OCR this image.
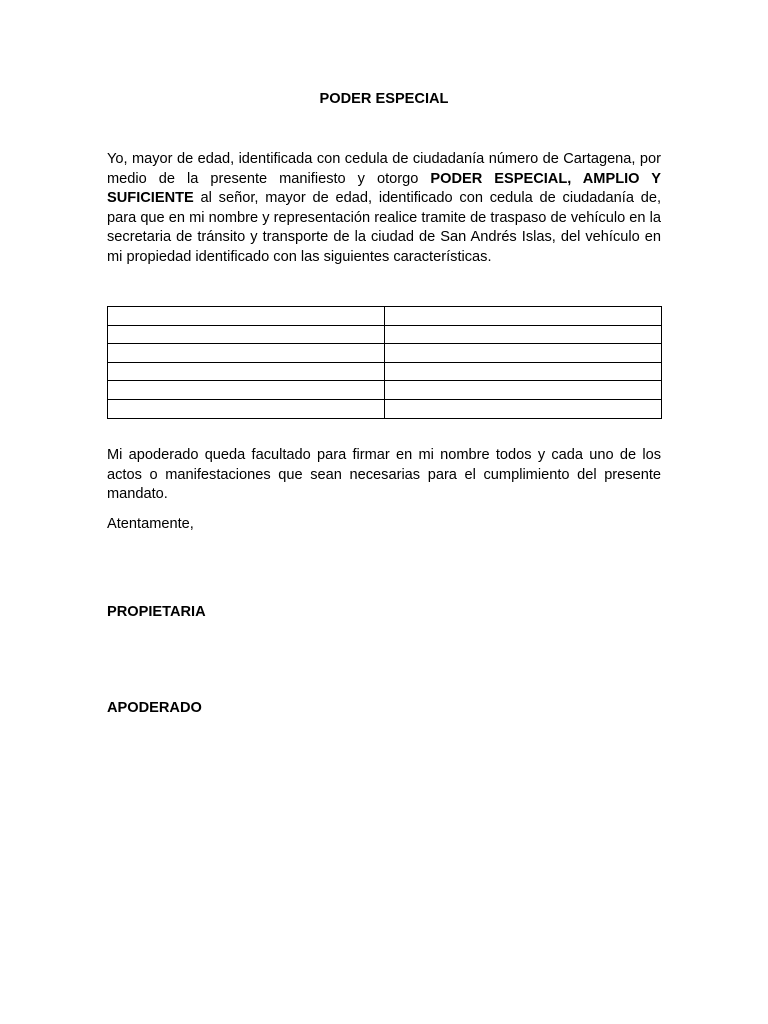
PODER ESPECIAL

Yo, mayor de edad, identificada con cedula de ciudadanía número de Cartagena, por medio de la presente manifiesto y otorgo PODER ESPECIAL, AMPLIO Y SUFICIENTE al señor, mayor de edad, identificado con cedula de ciudadanía de, para que en mi nombre y representación realice tramite de traspaso de vehículo en la secretaria de tránsito y transporte de la ciudad de San Andrés Islas, del vehículo en mi propiedad identificado con las siguientes características.

Mi apoderado queda facultado para firmar en mi nombre todos y cada uno de los actos o manifestaciones que sean necesarias para el cumplimiento del presente mandato.

Atentamente,
PROPIETARIA
APODERADO
